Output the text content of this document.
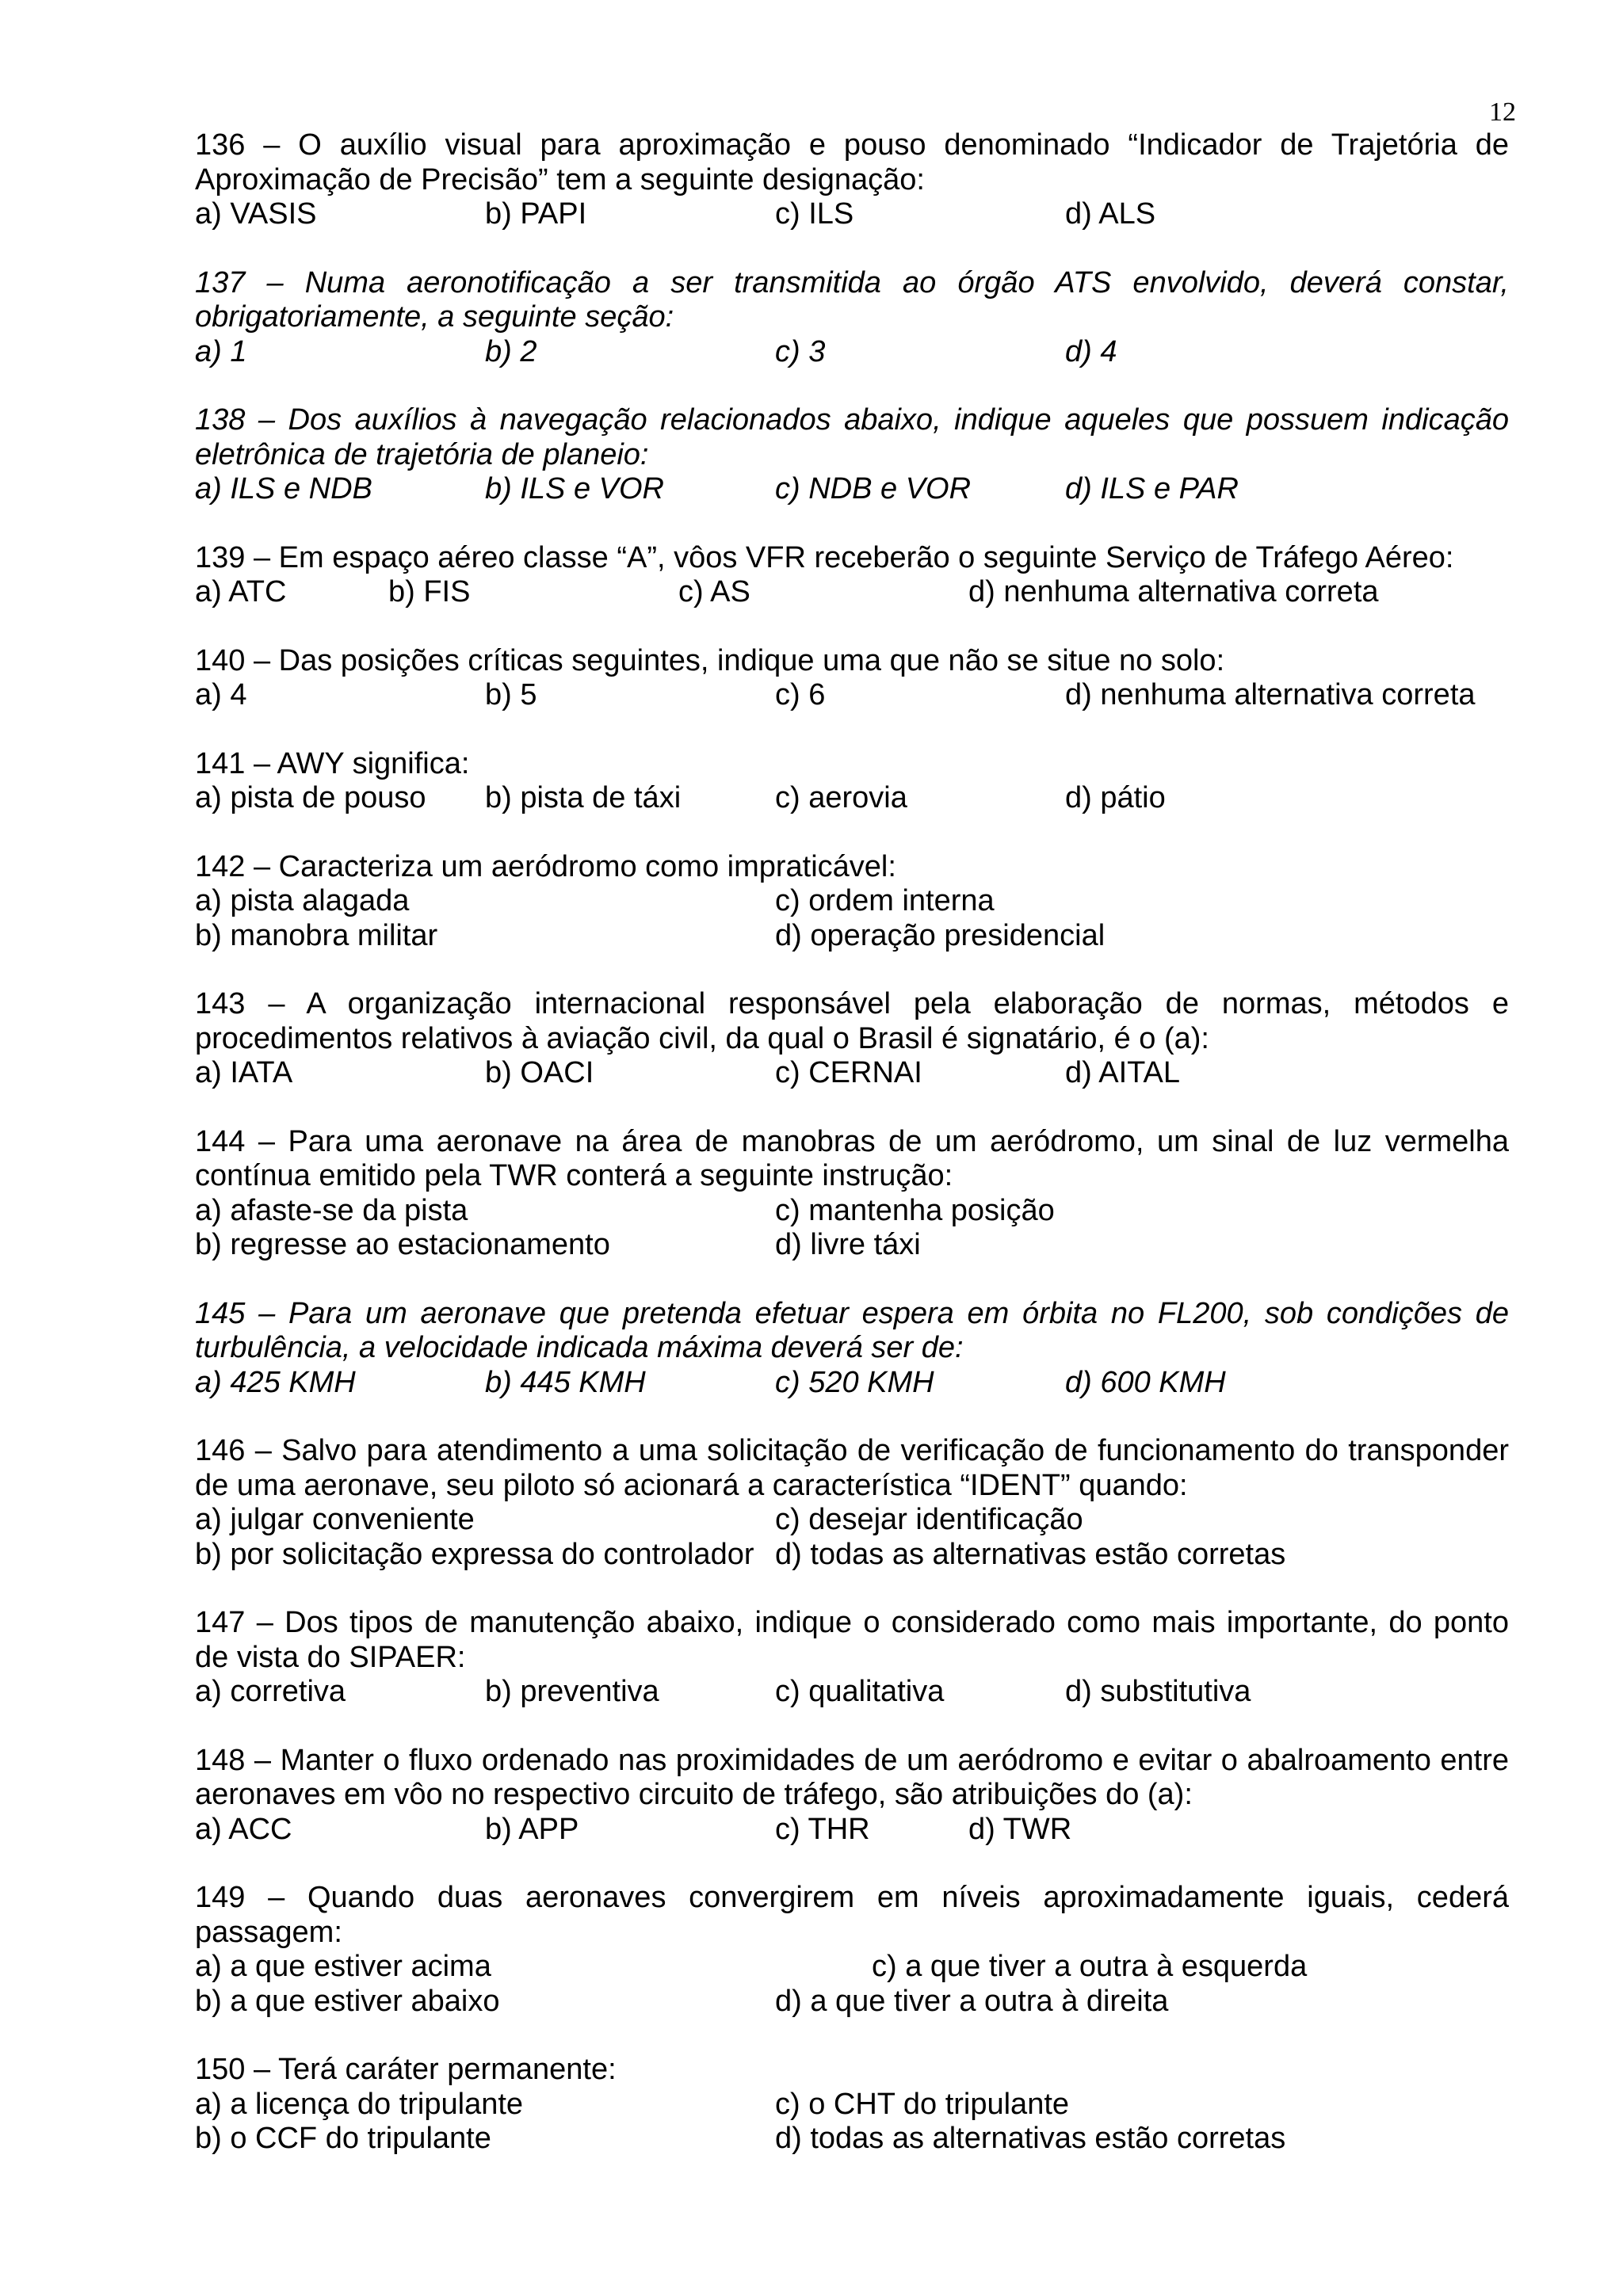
12

136 – O auxílio visual para aproximação e pouso denominado “Indicador de Trajetória de Aproximação de Precisão” tem a seguinte designação:

a) VASIS	b) PAPI	c) ILS	d) ALS

137 – Numa aeronotificação a ser transmitida ao órgão ATS envolvido, deverá constar, obrigatoriamente, a seguinte seção:

a) 1	b) 2	c) 3	d) 4

138 – Dos auxílios à navegação relacionados abaixo, indique aqueles que possuem indicação eletrônica de trajetória de planeio:

a) ILS e NDB	b) ILS e VOR	c) NDB e VOR	d) ILS e PAR

139 – Em espaço aéreo classe “A”, vôos VFR receberão o seguinte Serviço de Tráfego Aéreo:

a) ATC	b) FIS	c) AS	d) nenhuma alternativa correta

140 – Das posições críticas seguintes, indique uma que não se situe no solo:

a) 4	b) 5	c) 6	d) nenhuma alternativa correta

141 – AWY significa:

a) pista de pouso	b) pista de táxi	c) aerovia	d) pátio

142 – Caracteriza um aeródromo como impraticável:

a) pista alagada	c) ordem interna
b) manobra militar	d) operação presidencial

143 – A organização internacional responsável pela elaboração de normas, métodos e procedimentos relativos à aviação civil, da qual o Brasil é signatário, é o (a):

a) IATA	b) OACI	c) CERNAI	d) AITAL

144 – Para uma aeronave na área de manobras de um aeródromo, um sinal de luz vermelha contínua emitido pela TWR conterá a seguinte instrução:

a) afaste-se da pista	c) mantenha posição
b) regresse ao estacionamento	d) livre táxi

145 – Para um aeronave que pretenda efetuar espera em órbita no FL200, sob condições de turbulência, a velocidade indicada máxima deverá ser de:

a) 425 KMH	b) 445 KMH	c) 520 KMH	d) 600 KMH

146 – Salvo para atendimento a uma solicitação de verificação de funcionamento do transponder de uma aeronave, seu piloto só acionará a característica “IDENT” quando:

a) julgar conveniente	c) desejar identificação
b) por solicitação expressa do controlador d) todas as alternativas estão corretas

147 – Dos tipos de manutenção abaixo, indique o considerado como mais importante, do ponto de vista do SIPAER:

a) corretiva	b) preventiva	c) qualitativa	d) substitutiva

148 – Manter o fluxo ordenado nas proximidades de um aeródromo e evitar o abalroamento entre aeronaves em vôo no respectivo circuito de tráfego, são atribuições do (a):

a) ACC	b) APP	c) THR	d) TWR

149 – Quando duas aeronaves convergirem em níveis aproximadamente iguais, cederá passagem:

a) a que estiver acima	c) a que tiver a outra à esquerda
b) a que estiver abaixo	d) a que tiver a outra à direita

150 – Terá caráter permanente:

a) a licença do tripulante	c) o CHT do tripulante
b) o CCF do tripulante	d) todas as alternativas estão corretas
